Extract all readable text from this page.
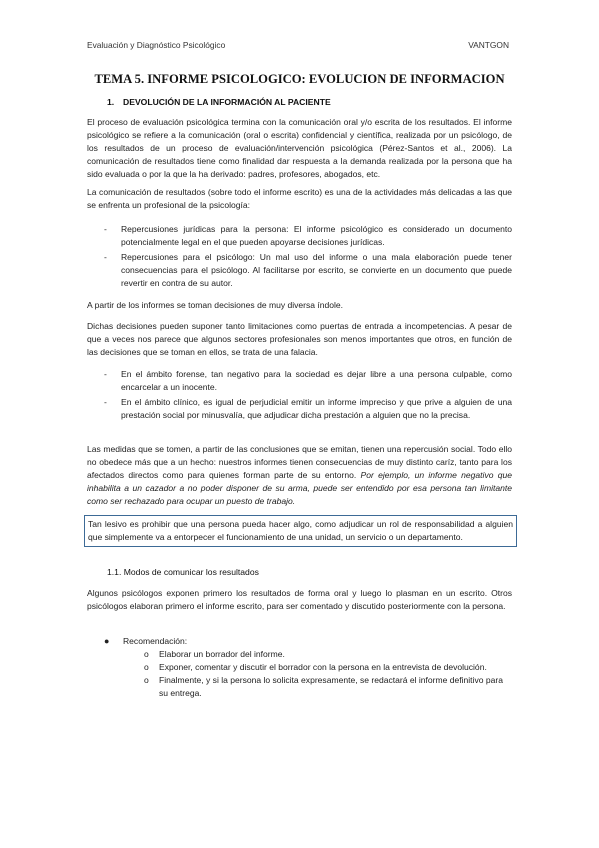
Evaluación y Diagnóstico Psicológico	VANTGON
TEMA 5. INFORME PSICOLOGICO: EVOLUCION DE INFORMACION
1. DEVOLUCIÓN DE LA INFORMACIÓN AL PACIENTE
El proceso de evaluación psicológica termina con la comunicación oral y/o escrita de los resultados. El informe psicológico se refiere a la comunicación (oral o escrita) confidencial y científica, realizada por un psicólogo, de los resultados de un proceso de evaluación/intervención psicológica (Pérez-Santos et al., 2006). La comunicación de resultados tiene como finalidad dar respuesta a la demanda realizada por la persona que ha sido evaluada o por la que la ha derivado: padres, profesores, abogados, etc.
La comunicación de resultados (sobre todo el informe escrito) es una de la actividades más delicadas a las que se enfrenta un profesional de la psicología:
- Repercusiones jurídicas para la persona: El informe psicológico es considerado un documento potencialmente legal en el que pueden apoyarse decisiones jurídicas.
- Repercusiones para el psicólogo: Un mal uso del informe o una mala elaboración puede tener consecuencias para el psicólogo. Al facilitarse por escrito, se convierte en un documento que puede revertir en contra de su autor.
A partir de los informes se toman decisiones de muy diversa índole.
Dichas decisiones pueden suponer tanto limitaciones como puertas de entrada a incompetencias. A pesar de que a veces nos parece que algunos sectores profesionales son menos importantes que otros, en función de las decisiones que se toman en ellos, se trata de una falacia.
- En el ámbito forense, tan negativo para la sociedad es dejar libre a una persona culpable, como encarcelar a un inocente.
- En el ámbito clínico, es igual de perjudicial emitir un informe impreciso y que prive a alguien de una prestación social por minusvalía, que adjudicar dicha prestación a alguien que no la precisa.
Las medidas que se tomen, a partir de las conclusiones que se emitan, tienen una repercusión social. Todo ello no obedece más que a un hecho: nuestros informes tienen consecuencias de muy distinto caríz, tanto para los afectados directos como para quienes forman parte de su entorno. Por ejemplo, un informe negativo que inhabilita a un cazador a no poder disponer de su arma, puede ser entendido por esa persona tan limitante como ser rechazado para ocupar un puesto de trabajo.
Tan lesivo es prohibir que una persona pueda hacer algo, como adjudicar un rol de responsabilidad a alguien que simplemente va a entorpecer el funcionamiento de una unidad, un servicio o un departamento.
1.1. Modos de comunicar los resultados
Algunos psicólogos exponen primero los resultados de forma oral y luego lo plasman en un escrito. Otros psicólogos elaboran primero el informe escrito, para ser comentado y discutido posteriormente con la persona.
● Recomendación:
o Elaborar un borrador del informe.
o Exponer, comentar y discutir el borrador con la persona en la entrevista de devolución.
o Finalmente, y si la persona lo solicita expresamente, se redactará el informe definitivo para su entrega.
